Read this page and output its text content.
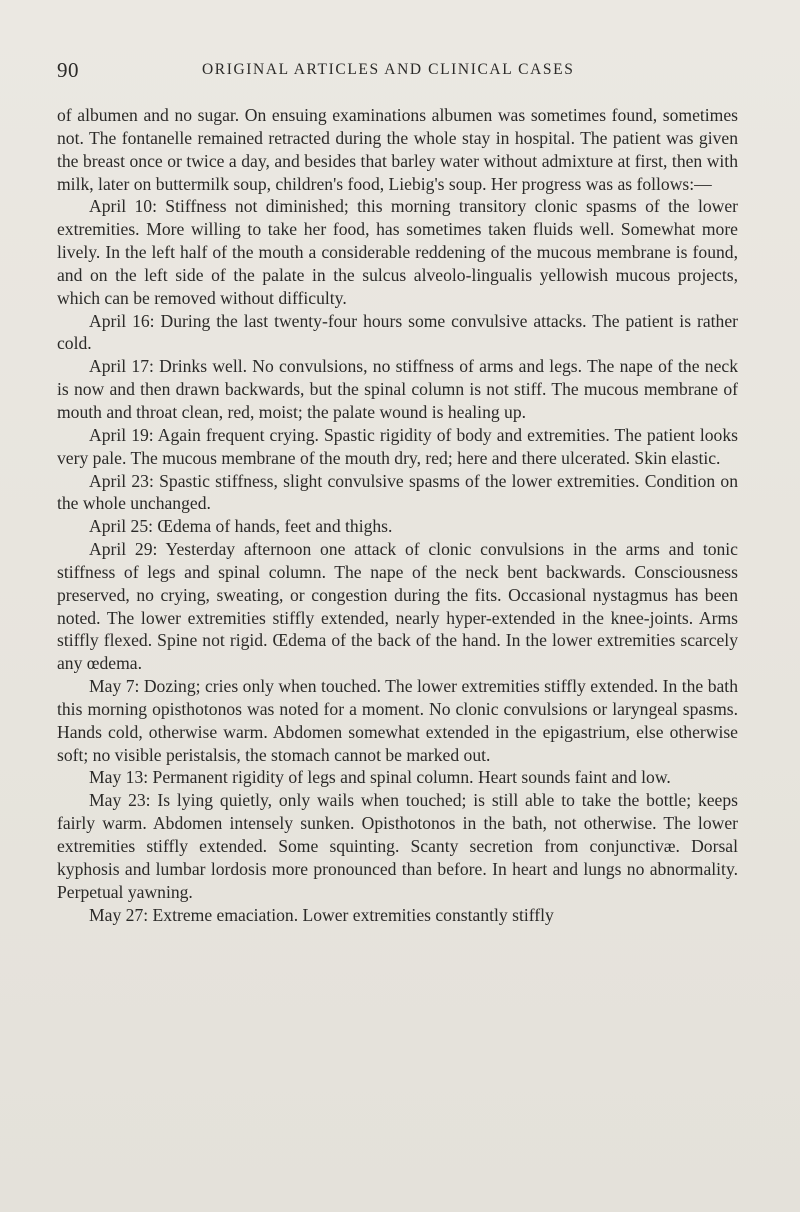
90	ORIGINAL ARTICLES AND CLINICAL CASES

of albumen and no sugar. On ensuing examinations albumen was sometimes found, sometimes not. The fontanelle remained retracted during the whole stay in hospital. The patient was given the breast once or twice a day, and besides that barley water without admixture at first, then with milk, later on buttermilk soup, children's food, Liebig's soup. Her progress was as follows:—

April 10: Stiffness not diminished; this morning transitory clonic spasms of the lower extremities. More willing to take her food, has sometimes taken fluids well. Somewhat more lively. In the left half of the mouth a considerable reddening of the mucous membrane is found, and on the left side of the palate in the sulcus alveolo-lingualis yellowish mucous projects, which can be removed without difficulty.

April 16: During the last twenty-four hours some convulsive attacks. The patient is rather cold.

April 17: Drinks well. No convulsions, no stiffness of arms and legs. The nape of the neck is now and then drawn backwards, but the spinal column is not stiff. The mucous membrane of mouth and throat clean, red, moist; the palate wound is healing up.

April 19: Again frequent crying. Spastic rigidity of body and extremities. The patient looks very pale. The mucous membrane of the mouth dry, red; here and there ulcerated. Skin elastic.

April 23: Spastic stiffness, slight convulsive spasms of the lower extremities. Condition on the whole unchanged.

April 25: Œdema of hands, feet and thighs.

April 29: Yesterday afternoon one attack of clonic convulsions in the arms and tonic stiffness of legs and spinal column. The nape of the neck bent backwards. Consciousness preserved, no crying, sweating, or congestion during the fits. Occasional nystagmus has been noted. The lower extremities stiffly extended, nearly hyper-extended in the knee-joints. Arms stiffly flexed. Spine not rigid. Œdema of the back of the hand. In the lower extremities scarcely any œdema.

May 7: Dozing; cries only when touched. The lower extremities stiffly extended. In the bath this morning opisthotonos was noted for a moment. No clonic convulsions or laryngeal spasms. Hands cold, otherwise warm. Abdomen somewhat extended in the epigastrium, else otherwise soft; no visible peristalsis, the stomach cannot be marked out.

May 13: Permanent rigidity of legs and spinal column. Heart sounds faint and low.

May 23: Is lying quietly, only wails when touched; is still able to take the bottle; keeps fairly warm. Abdomen intensely sunken. Opisthotonos in the bath, not otherwise. The lower extremities stiffly extended. Some squinting. Scanty secretion from conjunctivæ. Dorsal kyphosis and lumbar lordosis more pronounced than before. In heart and lungs no abnormality. Perpetual yawning.

May 27: Extreme emaciation. Lower extremities constantly stiffly
